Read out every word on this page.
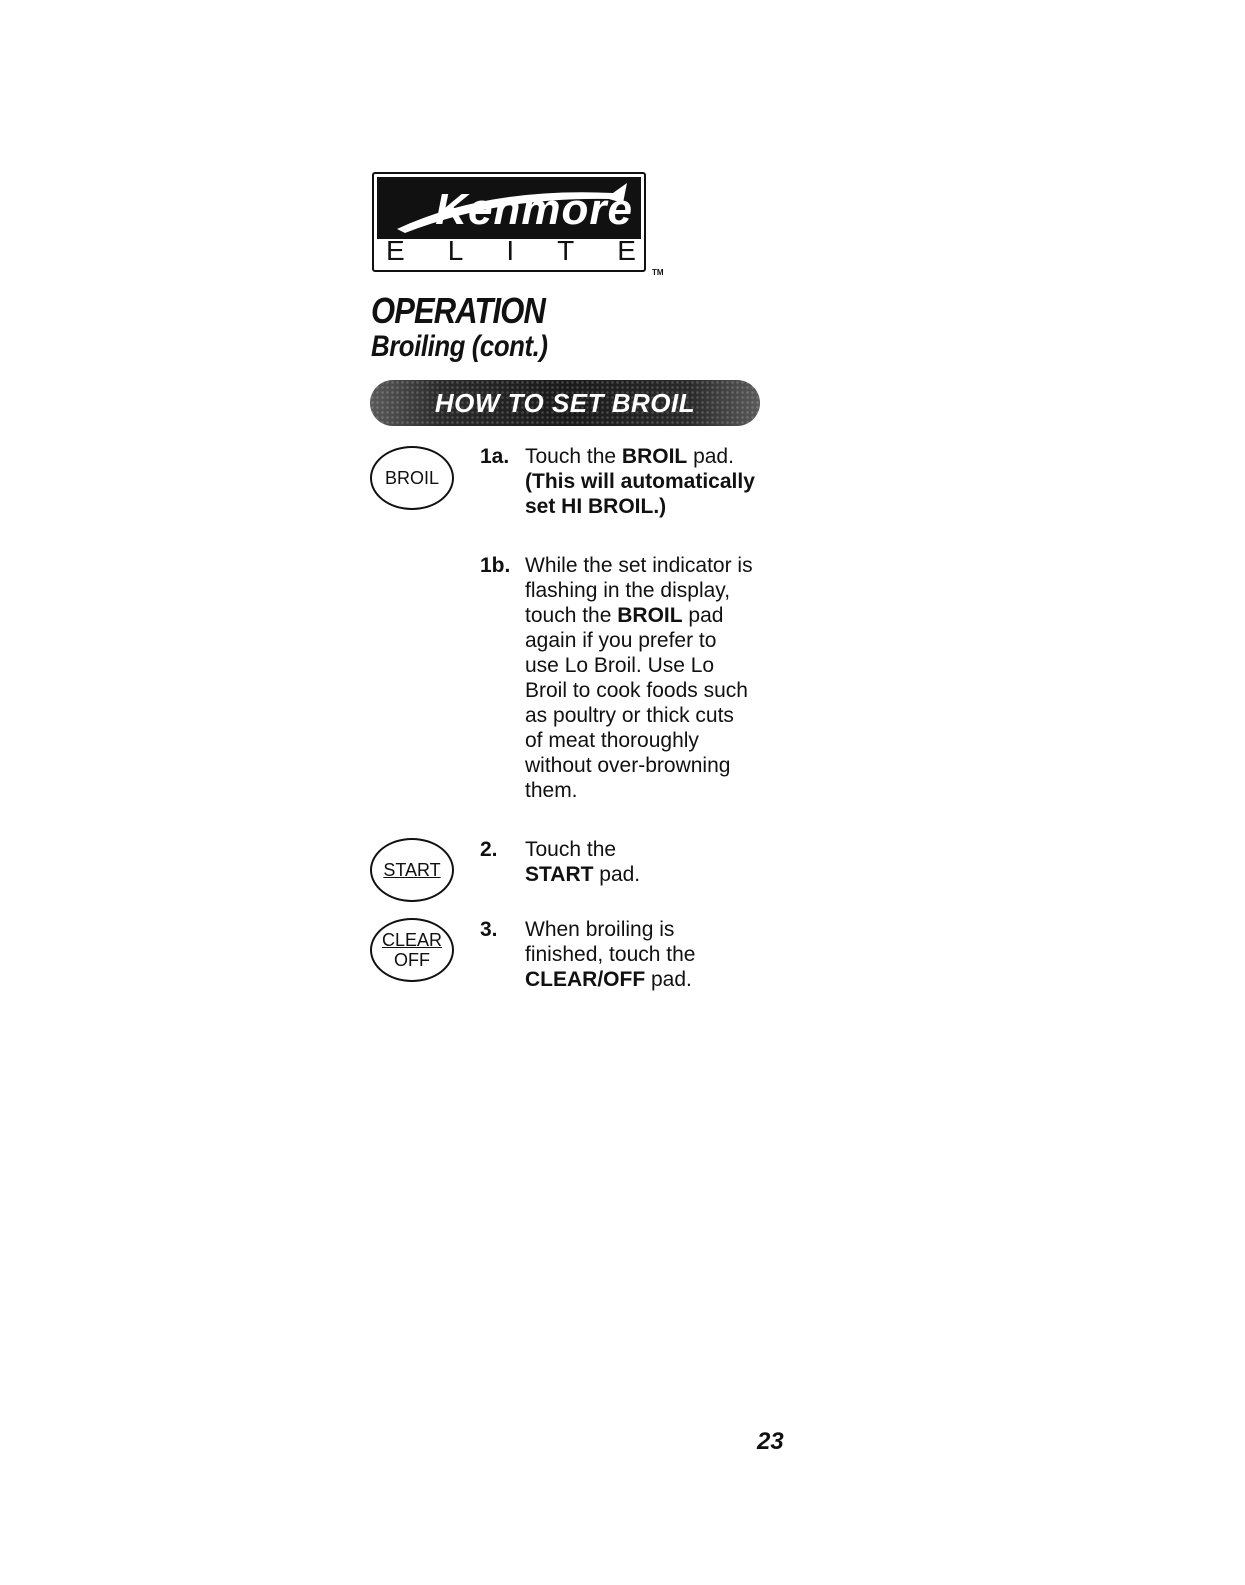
Kenmore
E L I T E
TM
OPERATION
Broiling (cont.)
HOW TO SET BROIL
BROIL
START
CLEAR
OFF
1a. Touch the BROIL pad. (This will automatically set HI BROIL.)
1b. While the set indicator is flashing in the display, touch the BROIL pad again if you prefer to use Lo Broil. Use Lo Broil to cook foods such as poultry or thick cuts of meat thoroughly without over-browning them.
2. Touch the
START pad.
3. When broiling is finished, touch the CLEAR/OFF pad.
23
